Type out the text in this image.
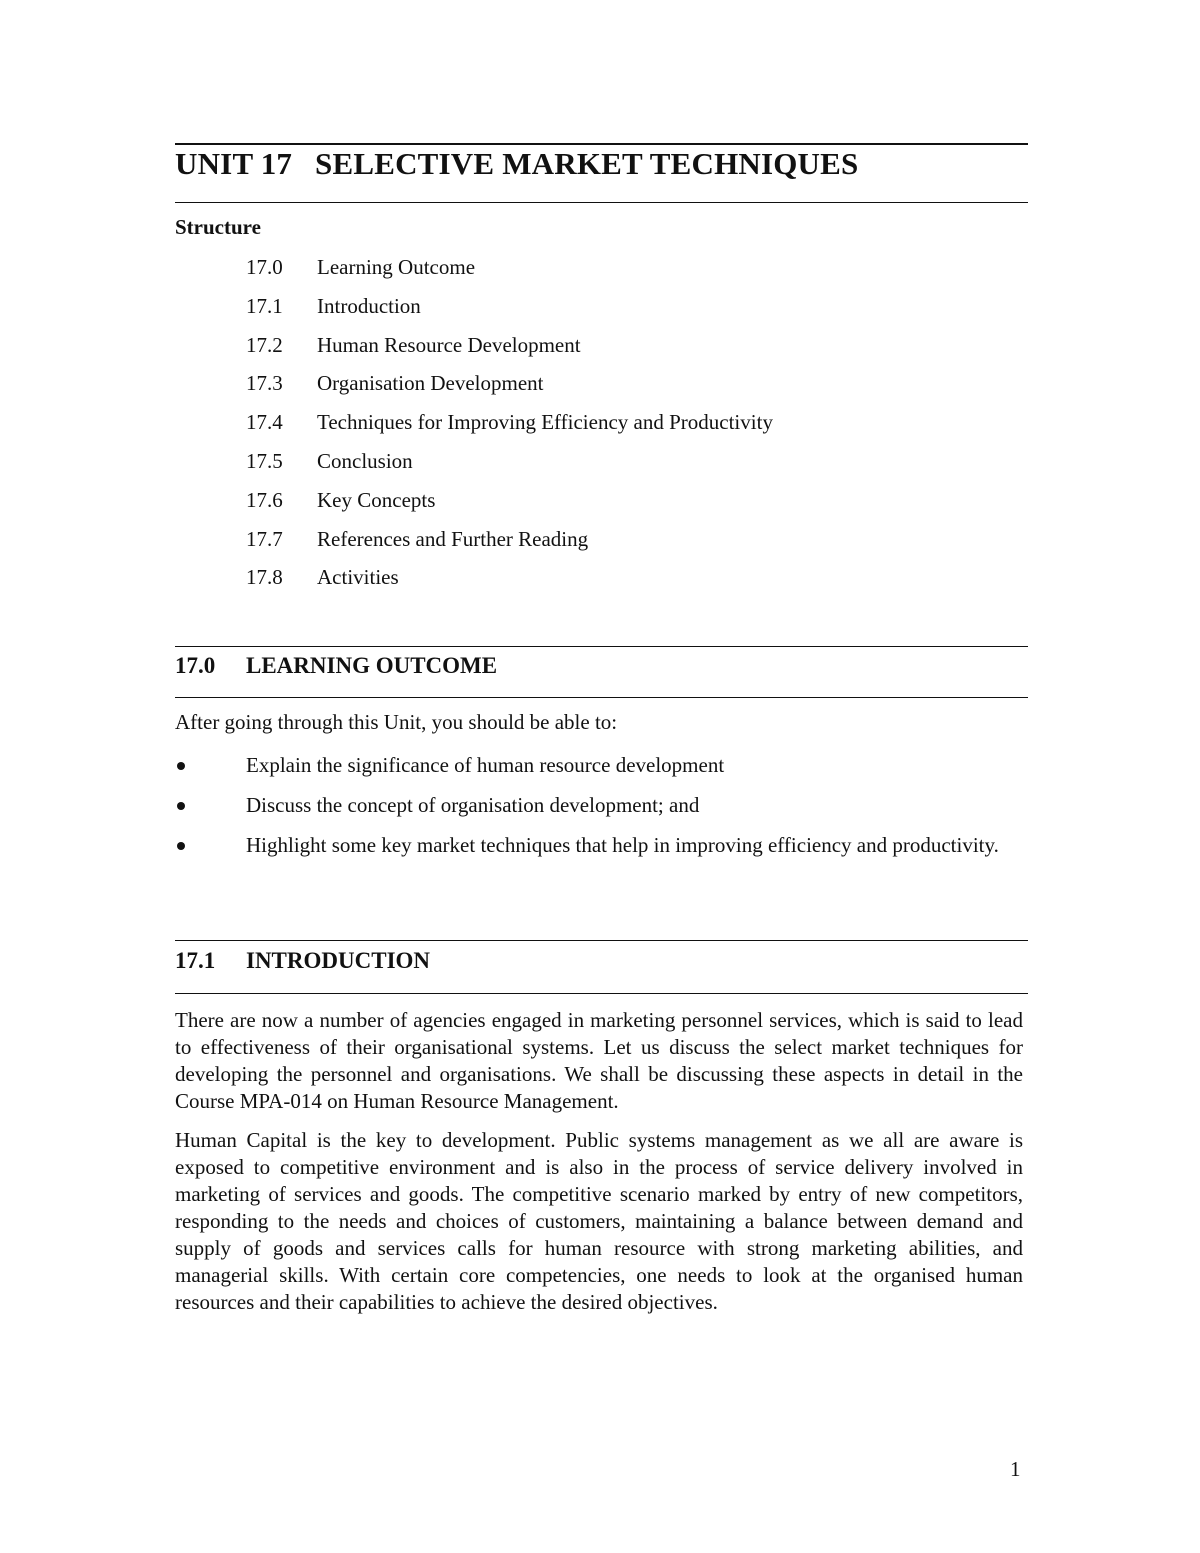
UNIT 17 SELECTIVE MARKET TECHNIQUES
Structure
17.0 Learning Outcome
17.1 Introduction
17.2 Human Resource Development
17.3 Organisation Development
17.4 Techniques for Improving Efficiency and Productivity
17.5 Conclusion
17.6 Key Concepts
17.7 References and Further Reading
17.8 Activities
17.0 LEARNING OUTCOME
After going through this Unit, you should be able to:
Explain the significance of human resource development
Discuss the concept of organisation development; and
Highlight some key market techniques that help in improving efficiency and productivity.
17.1 INTRODUCTION

There are now a number of agencies engaged in marketing personnel services, which is said to lead to effectiveness of their organisational systems. Let us discuss the select market techniques for developing the personnel and organisations. We shall be discussing these aspects in detail in the Course MPA-014 on Human Resource Management.

Human Capital is the key to development. Public systems management as we all are aware is exposed to competitive environment and is also in the process of service delivery involved in marketing of services and goods. The competitive scenario marked by entry of new competitors, responding to the needs and choices of customers, maintaining a balance between demand and supply of goods and services calls for human resource with strong marketing abilities, and managerial skills. With certain core competencies, one needs to look at the organised human resources and their capabilities to achieve the desired objectives.

1
